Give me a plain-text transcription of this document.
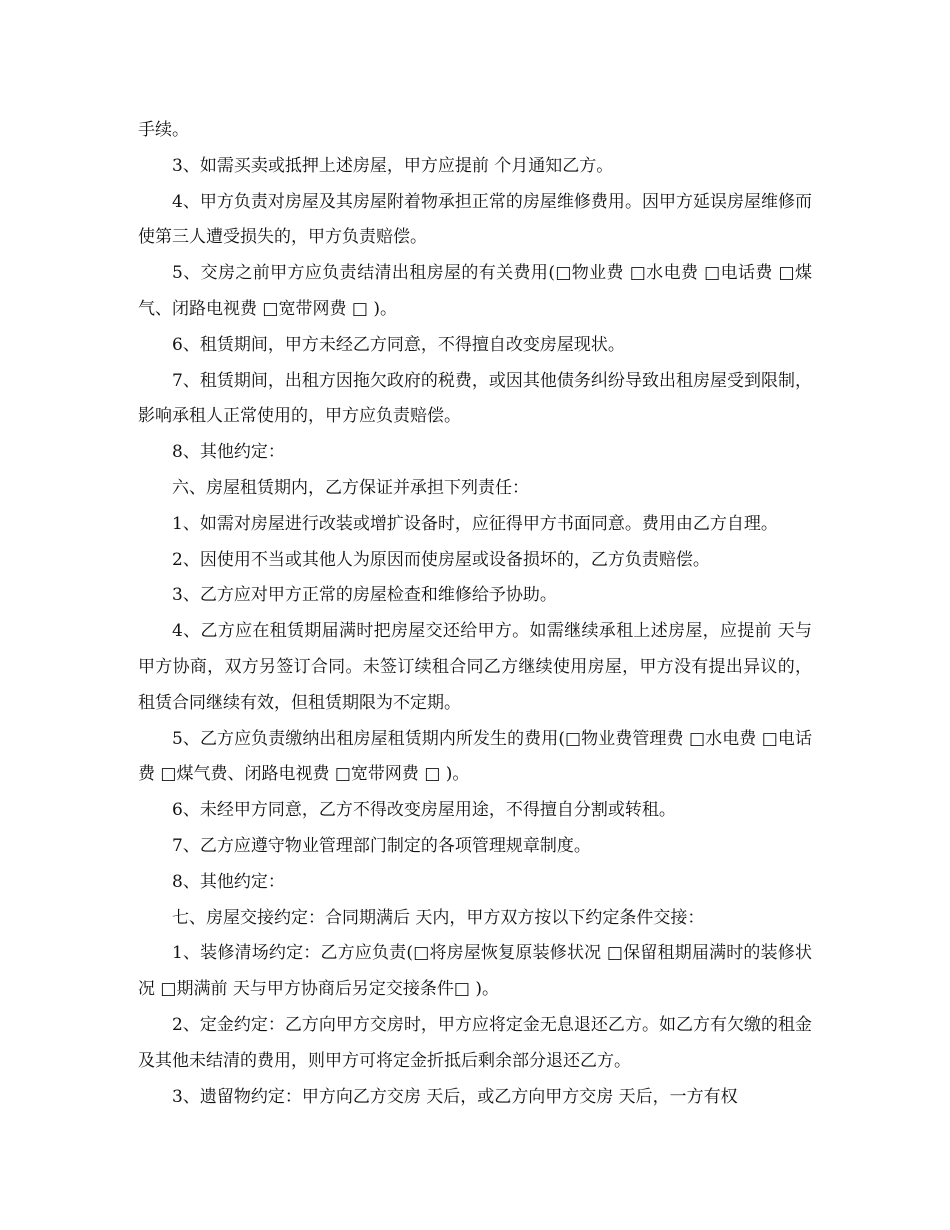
手续。

3、如需买卖或抵押上述房屋，甲方应提前 个月通知乙方。

4、甲方负责对房屋及其房屋附着物承担正常的房屋维修费用。因甲方延误房屋维修而使第三人遭受损失的，甲方负责赔偿。

5、交房之前甲方应负责结清出租房屋的有关费用(□物业费 □水电费 □电话费 □煤气、闭路电视费 □宽带网费 □ )。

6、租赁期间，甲方未经乙方同意，不得擅自改变房屋现状。

7、租赁期间，出租方因拖欠政府的税费，或因其他债务纠纷导致出租房屋受到限制，影响承租人正常使用的，甲方应负责赔偿。

8、其他约定：

六、房屋租赁期内，乙方保证并承担下列责任：

1、如需对房屋进行改装或增扩设备时，应征得甲方书面同意。费用由乙方自理。

2、因使用不当或其他人为原因而使房屋或设备损坏的，乙方负责赔偿。

3、乙方应对甲方正常的房屋检查和维修给予协助。

4、乙方应在租赁期届满时把房屋交还给甲方。如需继续承租上述房屋，应提前 天与甲方协商，双方另签订合同。未签订续租合同乙方继续使用房屋，甲方没有提出异议的，租赁合同继续有效，但租赁期限为不定期。

5、乙方应负责缴纳出租房屋租赁期内所发生的费用(□物业费管理费 □水电费 □电话费 □煤气费、闭路电视费 □宽带网费 □ )。

6、未经甲方同意，乙方不得改变房屋用途，不得擅自分割或转租。

7、乙方应遵守物业管理部门制定的各项管理规章制度。

8、其他约定：

七、房屋交接约定：合同期满后 天内，甲方双方按以下约定条件交接：

1、装修清场约定：乙方应负责(□将房屋恢复原装修状况 □保留租期届满时的装修状况 □期满前 天与甲方协商后另定交接条件□ )。

2、定金约定：乙方向甲方交房时，甲方应将定金无息退还乙方。如乙方有欠缴的租金及其他未结清的费用，则甲方可将定金折抵后剩余部分退还乙方。

3、遗留物约定：甲方向乙方交房 天后，或乙方向甲方交房 天后，一方有权
